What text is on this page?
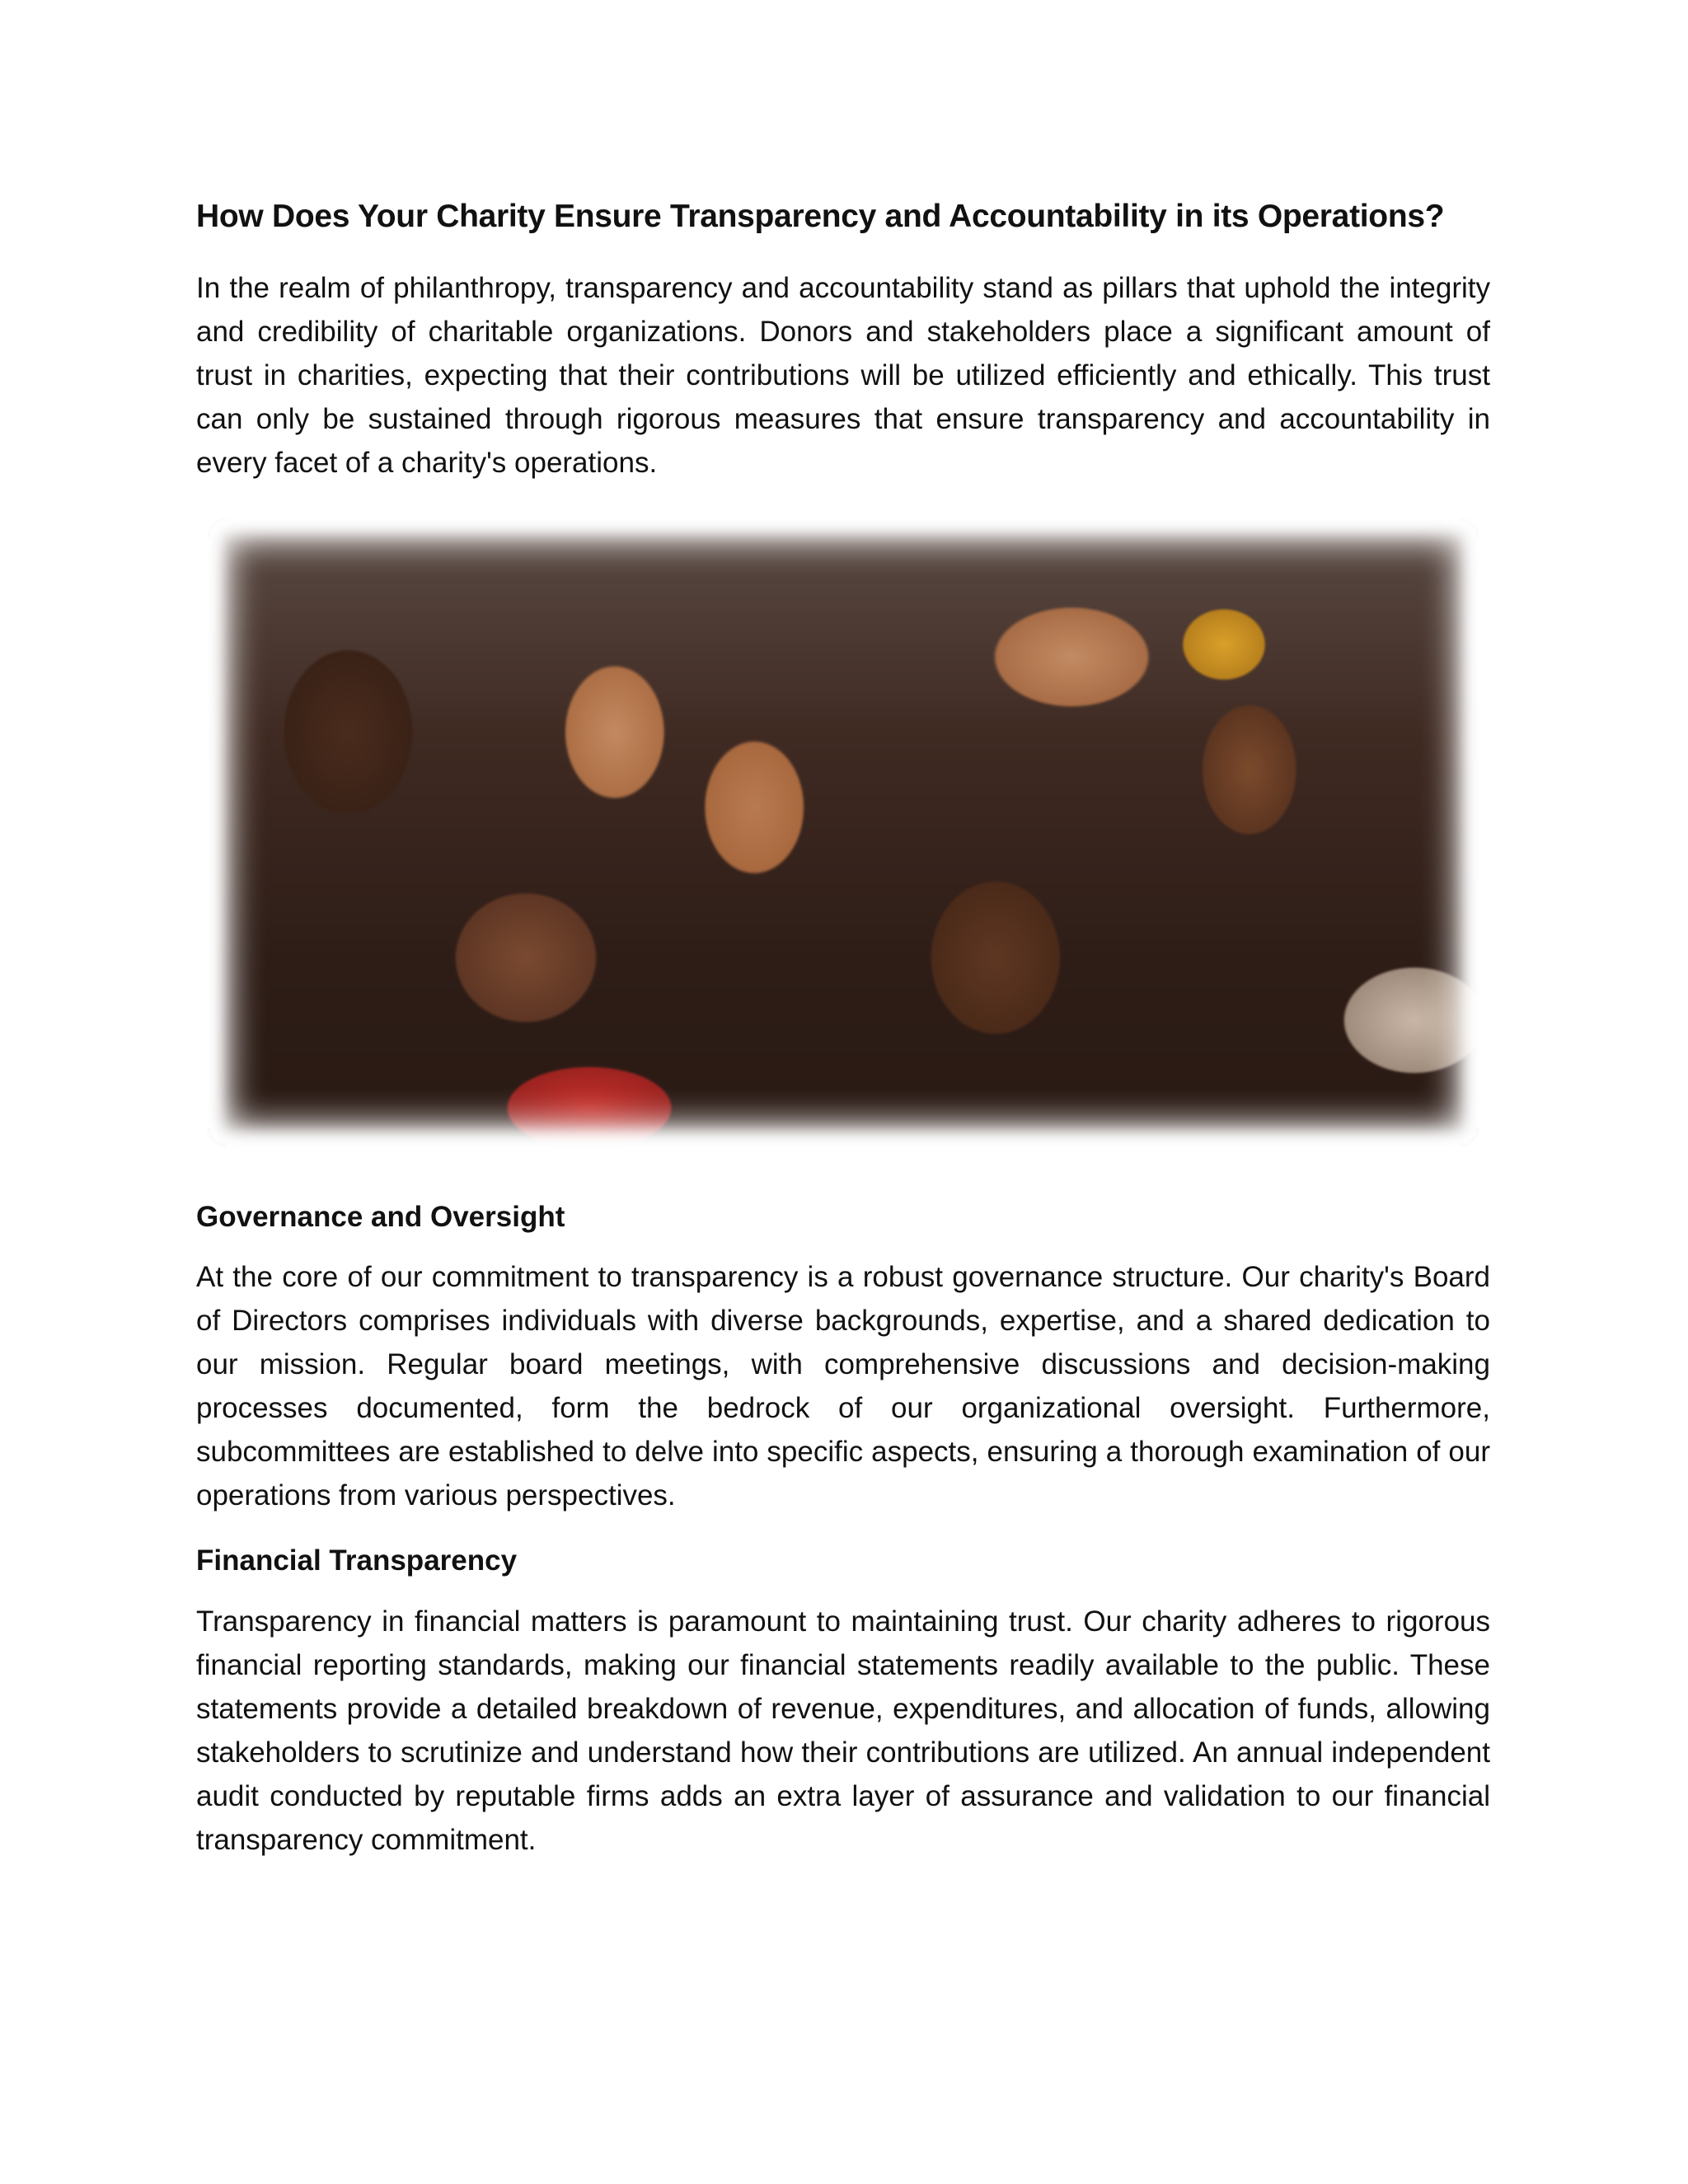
How Does Your Charity Ensure Transparency and Accountability in its Operations?

In the realm of philanthropy, transparency and accountability stand as pillars that uphold the integrity and credibility of charitable organizations. Donors and stakeholders place a significant amount of trust in charities, expecting that their contributions will be utilized efficiently and ethically. This trust can only be sustained through rigorous measures that ensure transparency and accountability in every facet of a charity's operations.

Governance and Oversight

At the core of our commitment to transparency is a robust governance structure. Our charity's Board of Directors comprises individuals with diverse backgrounds, expertise, and a shared dedication to our mission. Regular board meetings, with comprehensive discussions and decision-making processes documented, form the bedrock of our organizational oversight. Furthermore, subcommittees are established to delve into specific aspects, ensuring a thorough examination of our operations from various perspectives.

Financial Transparency

Transparency in financial matters is paramount to maintaining trust. Our charity adheres to rigorous financial reporting standards, making our financial statements readily available to the public. These statements provide a detailed breakdown of revenue, expenditures, and allocation of funds, allowing stakeholders to scrutinize and understand how their contributions are utilized. An annual independent audit conducted by reputable firms adds an extra layer of assurance and validation to our financial transparency commitment.
